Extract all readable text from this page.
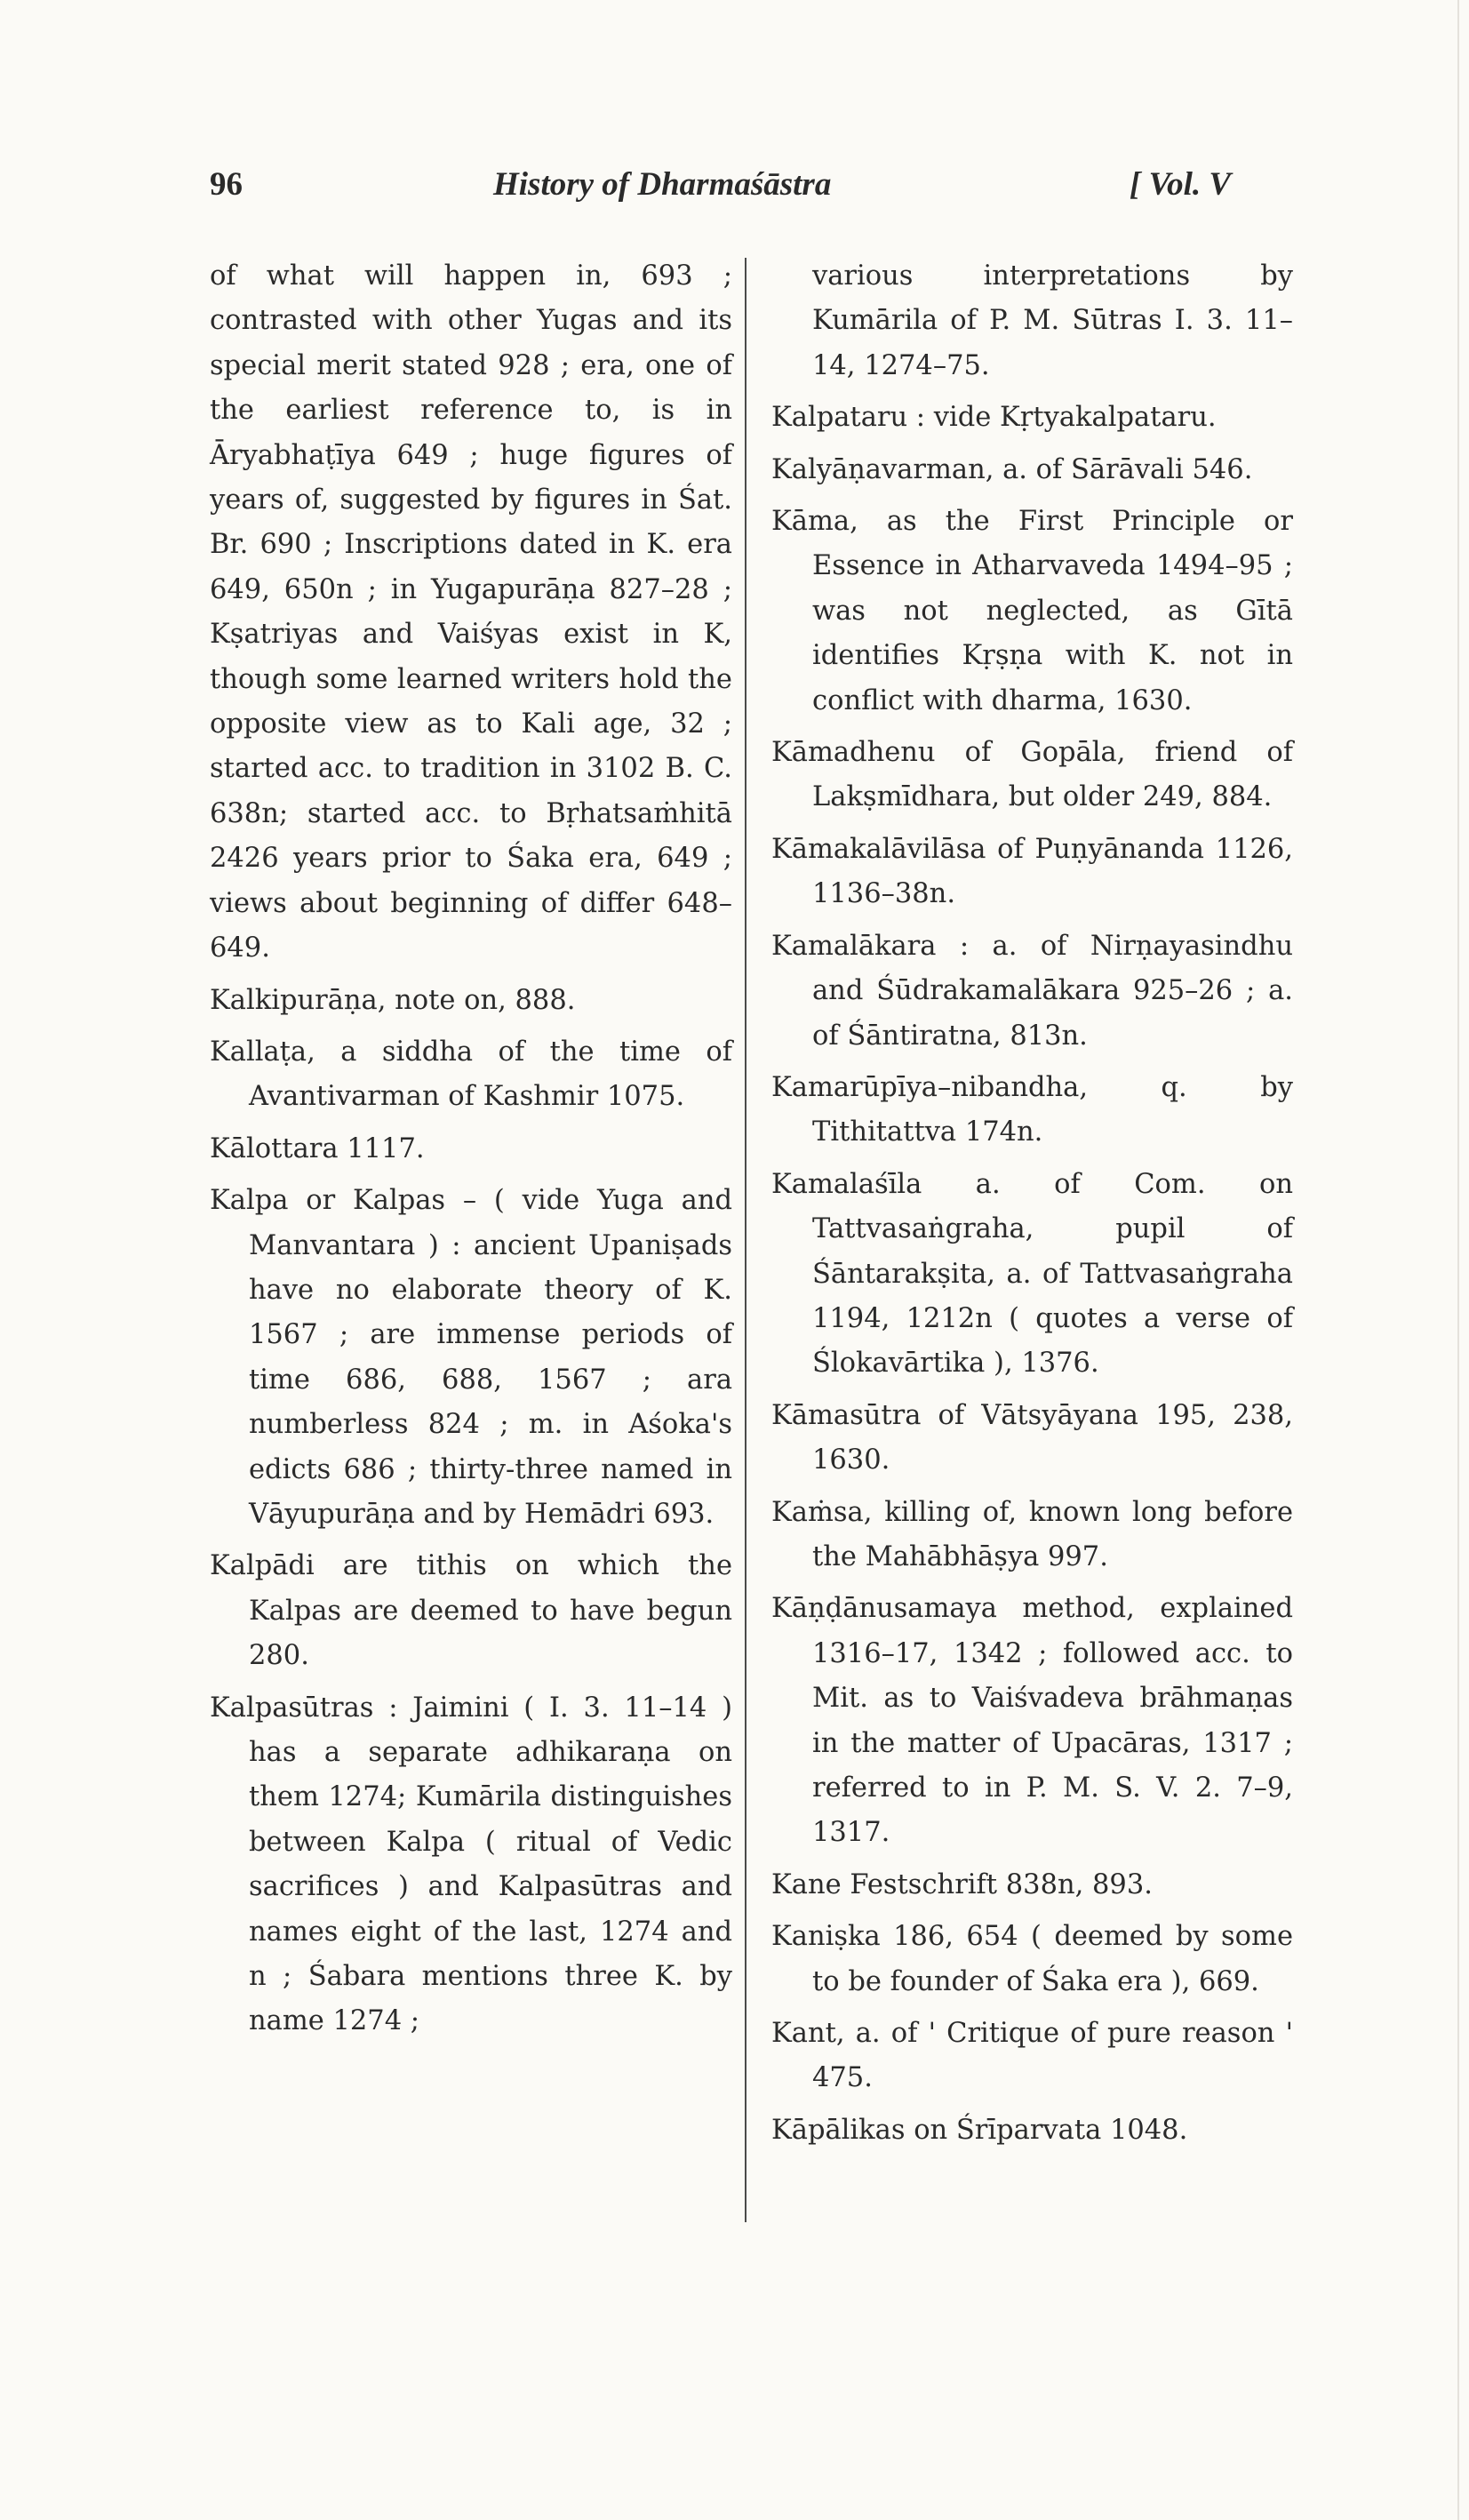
96	History of Dharmaśāstra	[ Vol. V

of what will happen in, 693 ; contrasted with other Yugas and its special merit stated 928 ; era, one of the earliest reference to, is in Āryabhaṭīya 649 ; huge figures of years of, suggested by figures in Śat. Br. 690 ; Inscriptions dated in K. era 649, 650n ; in Yugapurāṇa 827–28 ; Kṣatriyas and Vaiśyas exist in K, though some learned writers hold the opposite view as to Kali age, 32 ; started acc. to tradition in 3102 B. C. 638n; started acc. to Bṛhatsaṁhitā 2426 years prior to Śaka era, 649 ; views about beginning of differ 648–649.

Kalkipurāṇa, note on, 888.

Kallaṭa, a siddha of the time of Avantivarman of Kashmir 1075.

Kālottara 1117.

Kalpa or Kalpas – ( vide Yuga and Manvantara ) : ancient Upaniṣads have no elaborate theory of K. 1567 ; are immense periods of time 686, 688, 1567 ; ara numberless 824 ; m. in Aśoka's edicts 686 ; thirty-three named in Vāyupurāṇa and by Hemādri 693.

Kalpādi are tithis on which the Kalpas are deemed to have begun 280.

Kalpasūtras : Jaimini ( I. 3. 11–14 ) has a separate adhikaraṇa on them 1274; Kumārila distinguishes between Kalpa ( ritual of Vedic sacrifices ) and Kalpasūtras and names eight of the last, 1274 and n ; Śabara mentions three K. by name 1274 ;

various interpretations by Kumārila of P. M. Sūtras I. 3. 11–14, 1274–75.

Kalpataru : vide Kṛtyakalpataru.

Kalyāṇavarman, a. of Sārāvali 546.

Kāma, as the First Principle or Essence in Atharvaveda 1494–95 ; was not neglected, as Gītā identifies Kṛṣṇa with K. not in conflict with dharma, 1630.

Kāmadhenu of Gopāla, friend of Lakṣmīdhara, but older 249, 884.

Kāmakalāvilāsa of Puṇyānanda 1126, 1136–38n.

Kamalākara : a. of Nirṇayasindhu and Śūdrakamalākara 925–26 ; a. of Śāntiratna, 813n.

Kamarūpīya–nibandha, q. by Tithitattva 174n.

Kamalaśīla a. of Com. on Tattvasaṅgraha, pupil of Śāntarakṣita, a. of Tattvasaṅgraha 1194, 1212n ( quotes a verse of Ślokavārtika ), 1376.

Kāmasūtra of Vātsyāyana 195, 238, 1630.

Kaṁsa, killing of, known long before the Mahābhāṣya 997.

Kāṇḍānusamaya method, explained 1316–17, 1342 ; followed acc. to Mit. as to Vaiśvadeva brāhmaṇas in the matter of Upacāras, 1317 ; referred to in P. M. S. V. 2. 7–9, 1317.

Kane Festschrift 838n, 893.

Kaniṣka 186, 654 ( deemed by some to be founder of Śaka era ), 669.

Kant, a. of ' Critique of pure reason ' 475.

Kāpālikas on Śrīparvata 1048.
